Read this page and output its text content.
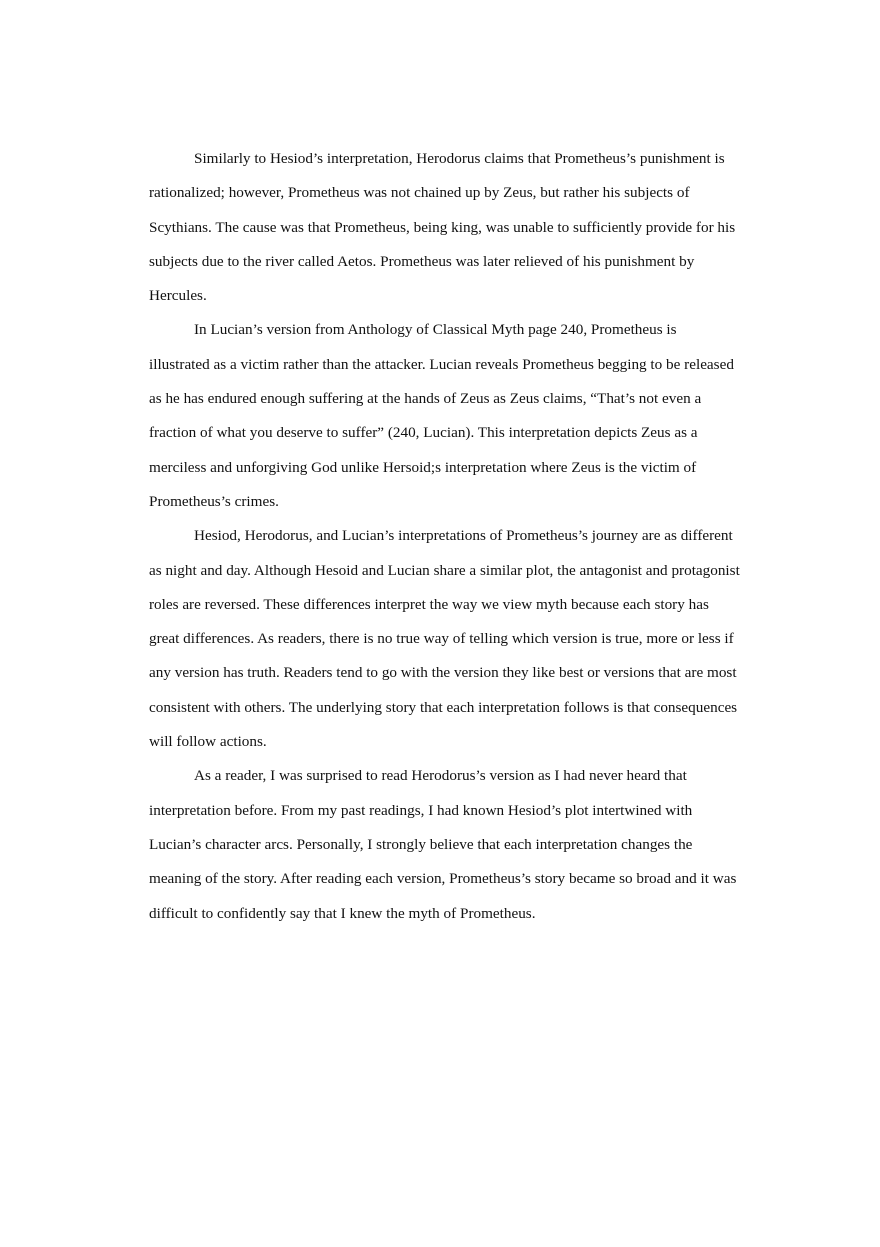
Similarly to Hesiod’s interpretation, Herodorus claims that Prometheus’s punishment is
rationalized; however, Prometheus was not chained up by Zeus, but rather his subjects of
Scythians. The cause was that Prometheus, being king, was unable to sufficiently provide for his
subjects due to the river called Aetos. Prometheus was later relieved of his punishment by
Hercules.
In Lucian’s version from Anthology of Classical Myth page 240, Prometheus is
illustrated as a victim rather than the attacker. Lucian reveals Prometheus begging to be released
as he has endured enough suffering at the hands of Zeus as Zeus claims, “That’s not even a
fraction of what you deserve to suffer” (240, Lucian). This interpretation depicts Zeus as a
merciless and unforgiving God unlike Hersoid;s interpretation where Zeus is the victim of
Prometheus’s crimes.
Hesiod, Herodorus, and Lucian’s interpretations of Prometheus’s journey are as different
as night and day. Although Hesoid and Lucian share a similar plot, the antagonist and protagonist
roles are reversed. These differences interpret the way we view myth because each story has
great differences. As readers, there is no true way of telling which version is true, more or less if
any version has truth. Readers tend to go with the version they like best or versions that are most
consistent with others. The underlying story that each interpretation follows is that consequences
will follow actions.
As a reader, I was surprised to read Herodorus’s version as I had never heard that
interpretation before. From my past readings, I had known Hesiod’s plot intertwined with
Lucian’s character arcs. Personally, I strongly believe that each interpretation changes the
meaning of the story. After reading each version, Prometheus’s story became so broad and it was
difficult to confidently say that I knew the myth of Prometheus.
